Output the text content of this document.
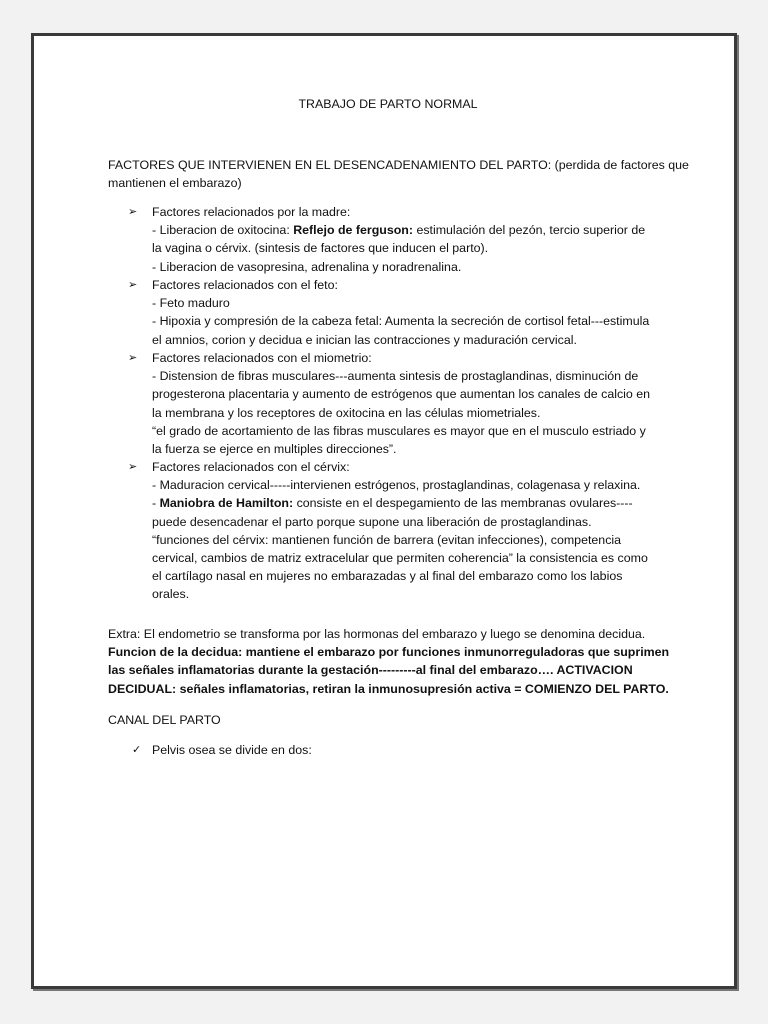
TRABAJO DE PARTO NORMAL
FACTORES QUE INTERVIENEN EN EL DESENCADENAMIENTO DEL PARTO: (perdida de factores que
mantienen el embarazo)
➢	Factores relacionados por la madre:
- Liberacion de oxitocina: Reflejo de ferguson: estimulación del pezón, tercio superior de
la vagina o cérvix. (sintesis de factores que inducen el parto).
- Liberacion de vasopresina, adrenalina y noradrenalina.
➢	Factores relacionados con el feto:
- Feto maduro
- Hipoxia y compresión de la cabeza fetal: Aumenta la secreción de cortisol fetal---estimula
el amnios, corion y decidua e inician las contracciones y maduración cervical.
➢	Factores relacionados con el miometrio:
- Distension de fibras musculares---aumenta sintesis de prostaglandinas, disminución de
progesterona placentaria y aumento de estrógenos que aumentan los canales de calcio en
la membrana y los receptores de oxitocina en las células miometriales.
“el grado de acortamiento de las fibras musculares es mayor que en el musculo estriado y
la fuerza se ejerce en multiples direcciones”.
➢	Factores relacionados con el cérvix:
- Maduracion cervical-----intervienen estrógenos, prostaglandinas, colagenasa y relaxina.
- Maniobra de Hamilton: consiste en el despegamiento de las membranas ovulares----
puede desencadenar el parto porque supone una liberación de prostaglandinas.
“funciones del cérvix: mantienen función de barrera (evitan infecciones), competencia
cervical, cambios de matriz extracelular que permiten coherencia” la consistencia es como
el cartílago nasal en mujeres no embarazadas y al final del embarazo como los labios
orales.
Extra: El endometrio se transforma por las hormonas del embarazo y luego se denomina decidua.
Funcion de la decidua: mantiene el embarazo por funciones inmunorreguladoras que suprimen
las señales inflamatorias durante la gestación---------al final del embarazo…. ACTIVACION
DECIDUAL: señales inflamatorias, retiran la inmunosupresión activa = COMIENZO DEL PARTO.
CANAL DEL PARTO
✓ Pelvis osea se divide en dos:
